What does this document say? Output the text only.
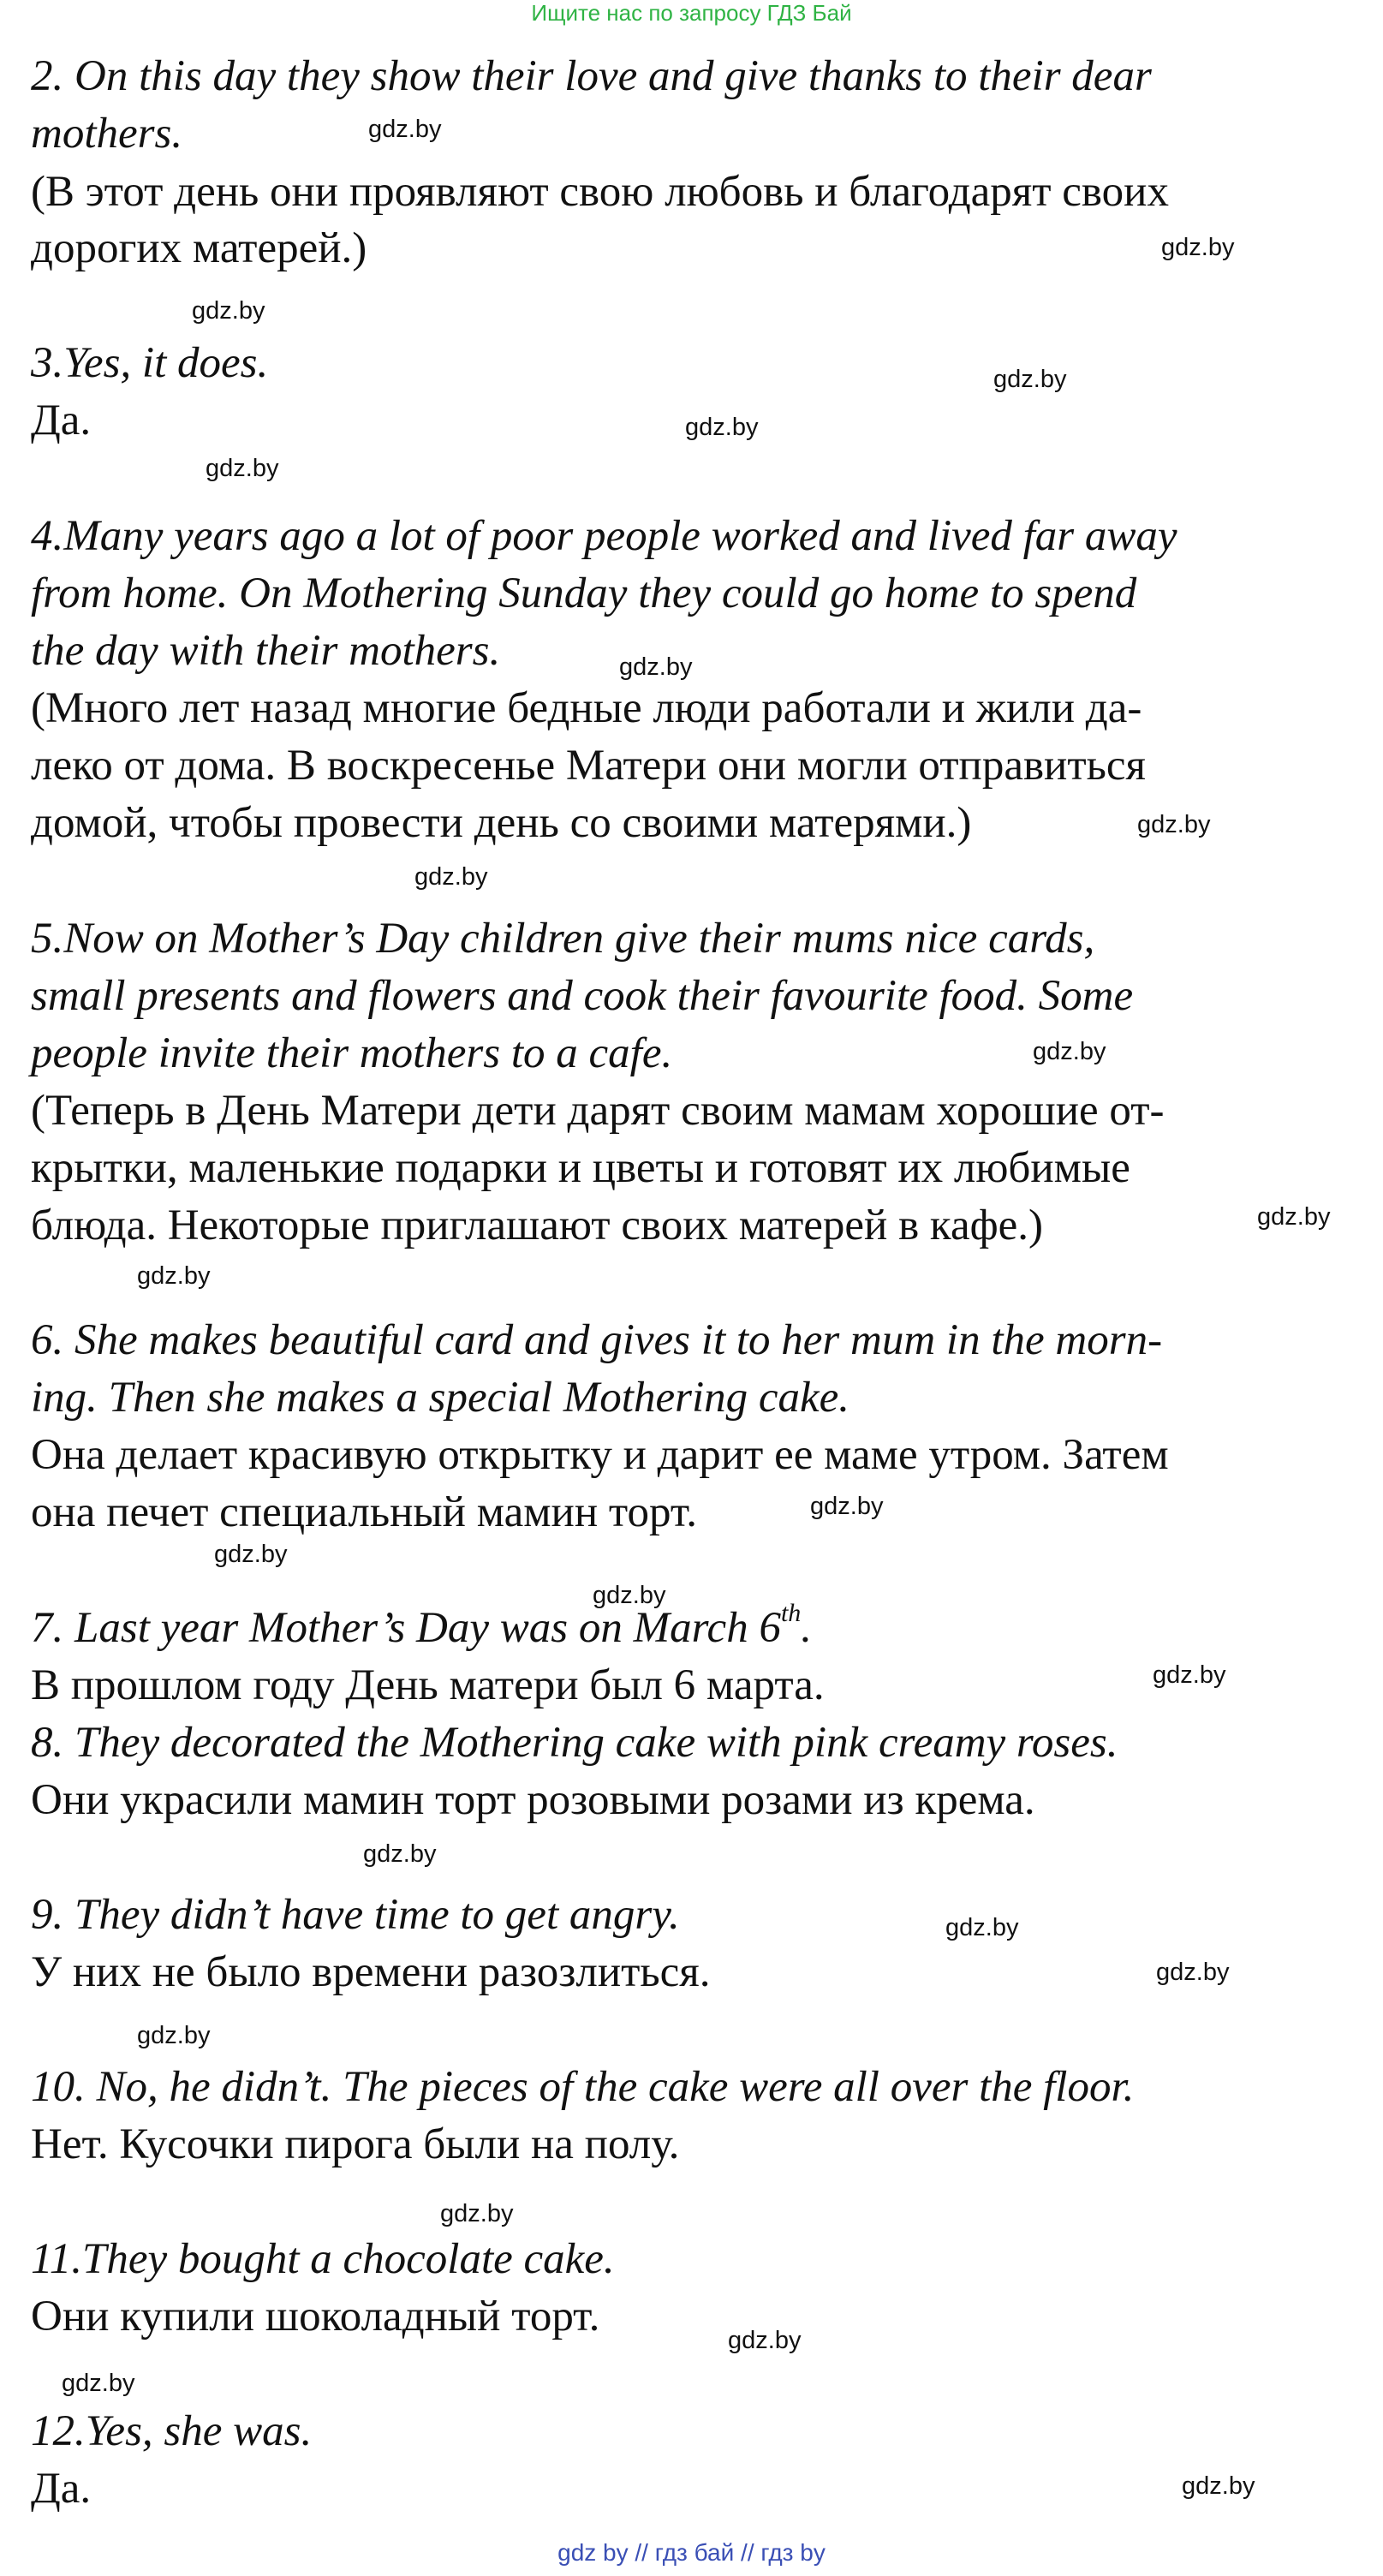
Ищите нас по запросу ГДЗ Бай
2. On this day they show their love and give thanks to their dear
mothers.
(В этот день они проявляют свою любовь и благодарят своих
дорогих матерей.)
3.Yes, it does.
Да.
4.Many years ago a lot of poor people worked and lived far away
from home. On Mothering Sunday they could go home to spend
the day with their mothers.
(Много лет назад многие бедные люди работали и жили да-
леко от дома. В воскресенье Матери они могли отправиться
домой, чтобы провести день со своими матерями.)
5.Now on Mother’s Day children give their mums nice cards,
small presents and flowers and cook their favourite food. Some
people invite their mothers to a cafe.
(Теперь в День Матери дети дарят своим мамам хорошие от-
крытки, маленькие подарки и цветы и готовят их любимые
блюда. Некоторые приглашают своих матерей в кафе.)
6. She makes beautiful card and gives it to her mum in the morn-
ing. Then she makes a special Mothering cake.
Она делает красивую открытку и дарит ее маме утром. Затем
она печет специальный мамин торт.
7. Last year Mother’s Day was on March 6th.
В прошлом году День матери был 6 марта.
8. They decorated the Mothering cake with pink creamy roses.
Они украсили мамин торт розовыми розами из крема.
9. They didn’t have time to get angry.
У них не было времени разозлиться.
10. No, he didn’t. The pieces of the cake were all over the floor.
Нет. Кусочки пирога были на полу.
11.They bought a chocolate cake.
Они купили шоколадный торт.
12.Yes, she was.
Да.
gdz.by
gdz.by
gdz.by
gdz.by
gdz.by
gdz.by
gdz.by
gdz.by
gdz.by
gdz.by
gdz.by
gdz.by
gdz.by
gdz.by
gdz.by
gdz.by
gdz.by
gdz.by
gdz.by
gdz.by
gdz.by
gdz.by
gdz.by
gdz.by
gdz by // гдз бай // гдз by
